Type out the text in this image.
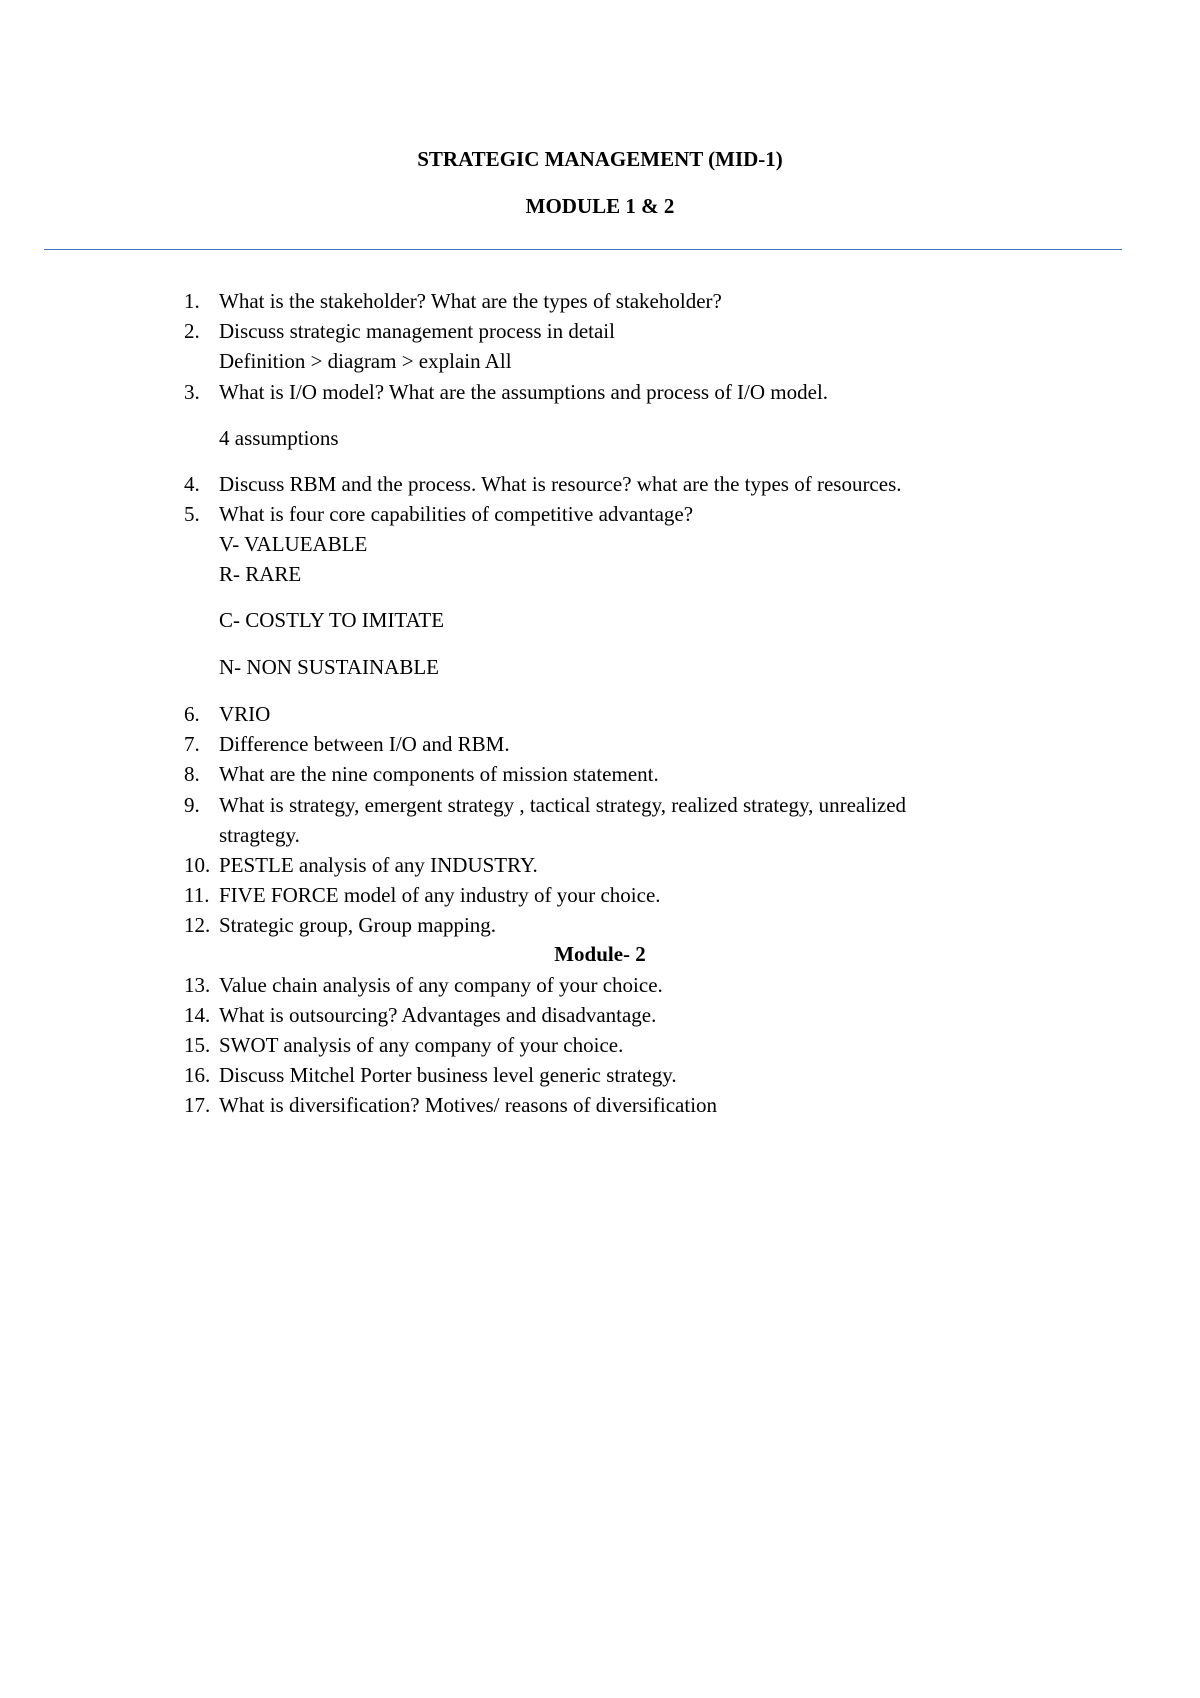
STRATEGIC MANAGEMENT (MID-1)
MODULE 1 & 2
1. What is the stakeholder? What are the types of stakeholder?
2. Discuss strategic management process in detail
Definition > diagram > explain All
3. What is I/O model? What are the assumptions and process of I/O model.
4 assumptions
4. Discuss RBM and the process. What is resource? what are the types of resources.
5. What is four core capabilities of competitive advantage?
V- VALUEABLE
R- RARE
C- COSTLY TO IMITATE
N- NON SUSTAINABLE
6. VRIO
7. Difference between I/O and RBM.
8. What are the nine components of mission statement.
9. What is strategy, emergent strategy , tactical strategy, realized strategy, unrealized
stragtegy.
10. PESTLE analysis of any INDUSTRY.
11. FIVE FORCE model of any industry of your choice.
12. Strategic group, Group mapping.
Module- 2
13. Value chain analysis of any company of your choice.
14. What is outsourcing? Advantages and disadvantage.
15. SWOT analysis of any company of your choice.
16. Discuss Mitchel Porter business level generic strategy.
17. What is diversification? Motives/ reasons of diversification
